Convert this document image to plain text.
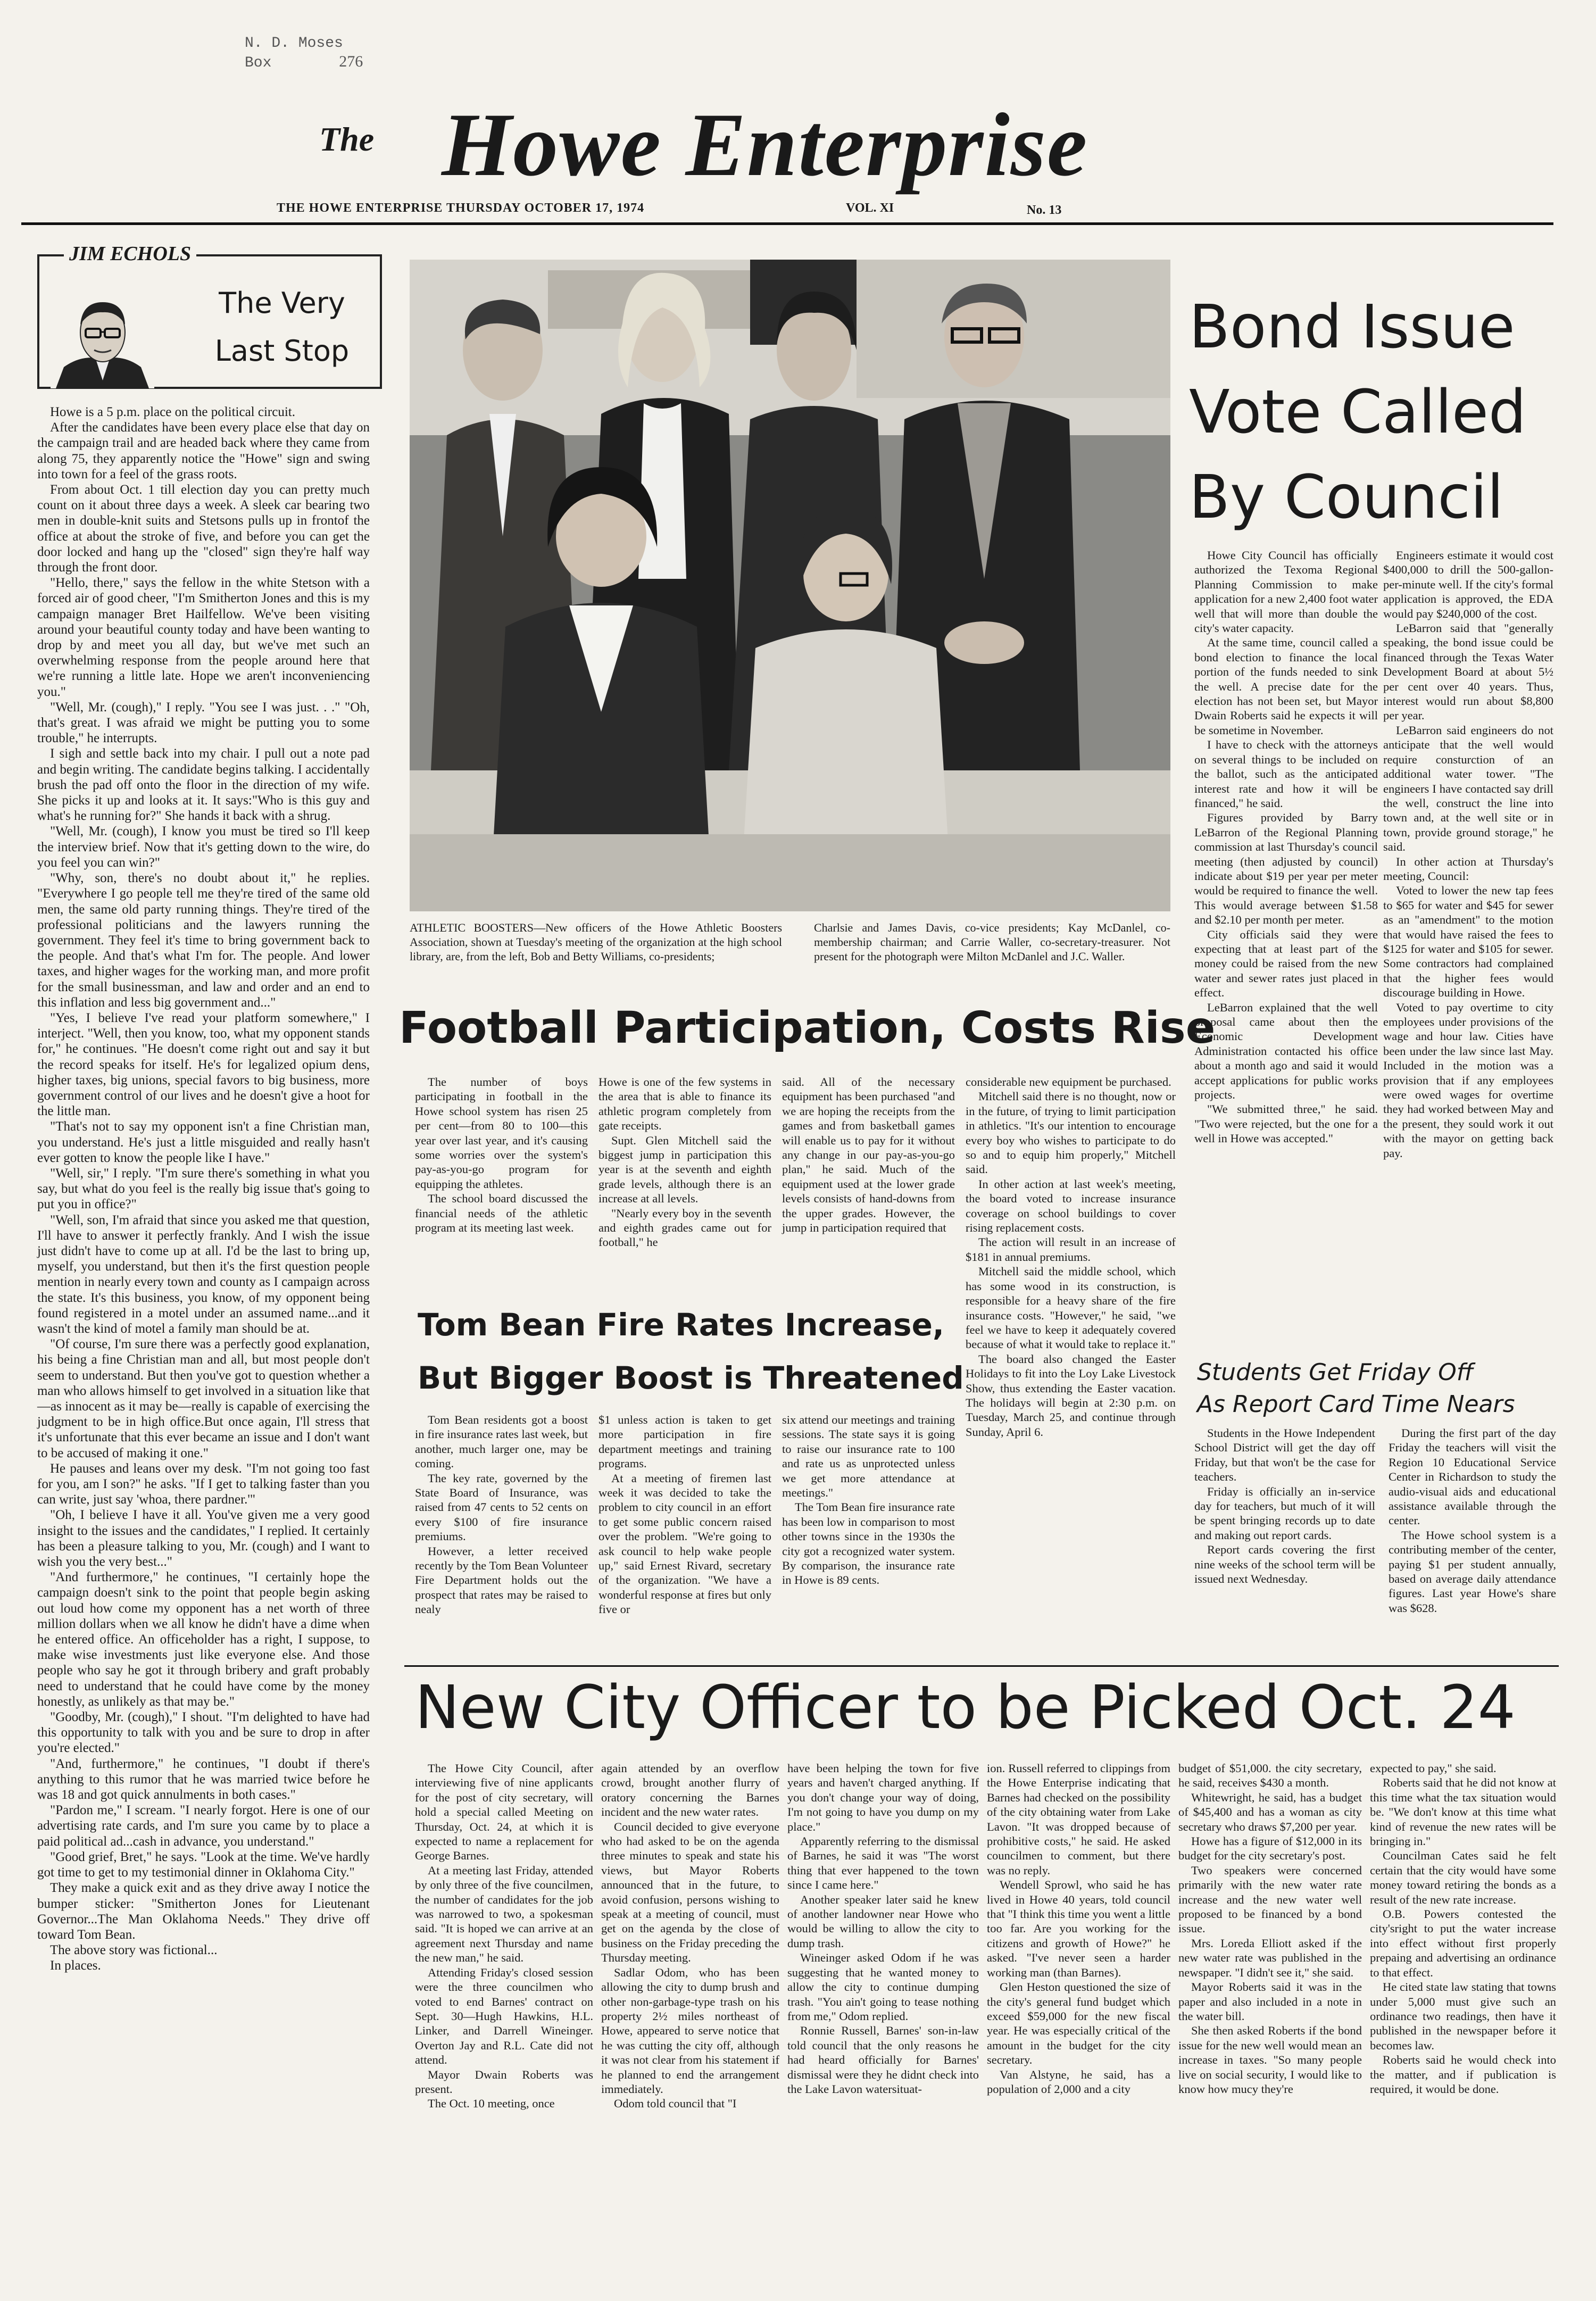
N. D. Moses
Box	276
The Howe Enterprise
THE HOWE ENTERPRISE THURSDAY OCTOBER 17, 1974	VOL. XI	No. 13
JIM ECHOLS
The Very
Last Stop

Howe is a 5 p.m. place on the political circuit.

After the candidates have been every place else that day on the campaign trail and are headed back where they came from along 75, they apparently notice the "Howe" sign and swing into town for a feel of the grass roots.

From about Oct. 1 till election day you can pretty much count on it about three days a week. A sleek car bearing two men in double-knit suits and Stetsons pulls up in frontof the office at about the stroke of five, and before you can get the door locked and hang up the "closed" sign they're half way through the front door.

"Hello, there," says the fellow in the white Stetson with a forced air of good cheer, "I'm Smitherton Jones and this is my campaign manager Bret Hailfellow. We've been visiting around your beautiful county today and have been wanting to drop by and meet you all day, but we've met such an overwhelming response from the people around here that we're running a little late. Hope we aren't inconveniencing you."

"Well, Mr. (cough)," I reply. "You see I was just. . ." "Oh, that's great. I was afraid we might be putting you to some trouble," he interrupts.

I sigh and settle back into my chair. I pull out a note pad and begin writing. The candidate begins talking. I accidentally brush the pad off onto the floor in the direction of my wife. She picks it up and looks at it. It says:"Who is this guy and what's he running for?" She hands it back with a shrug.

"Well, Mr. (cough), I know you must be tired so I'll keep the interview brief. Now that it's getting down to the wire, do you feel you can win?"

"Why, son, there's no doubt about it," he replies. "Everywhere I go people tell me they're tired of the same old men, the same old party running things. They're tired of the professional politicians and the lawyers running the government. They feel it's time to bring government back to the people. And that's what I'm for. The people. And lower taxes, and higher wages for the working man, and more profit for the small businessman, and law and order and an end to this inflation and less big government and..."

"Yes, I believe I've read your platform somewhere," I interject. "Well, then you know, too, what my opponent stands for," he continues. "He doesn't come right out and say it but the record speaks for itself. He's for legalized opium dens, higher taxes, big unions, special favors to big business, more government control of our lives and he doesn't give a hoot for the little man.

"That's not to say my opponent isn't a fine Christian man, you understand. He's just a little misguided and really hasn't ever gotten to know the people like I have."

"Well, sir," I reply. "I'm sure there's something in what you say, but what do you feel is the really big issue that's going to put you in office?"

"Well, son, I'm afraid that since you asked me that question, I'll have to answer it perfectly frankly. And I wish the issue just didn't have to come up at all. I'd be the last to bring up, myself, you understand, but then it's the first question people mention in nearly every town and county as I campaign across the state. It's this business, you know, of my opponent being found registered in a motel under an assumed name...and it wasn't the kind of motel a family man should be at.

"Of course, I'm sure there was a perfectly good explanation, his being a fine Christian man and all, but most people don't seem to understand. But then you've got to question whether a man who allows himself to get involved in a situation like that—as innocent as it may be—really is capable of exercising the judgment to be in high office.But once again, I'll stress that it's unfortunate that this ever became an issue and I don't want to be accused of making it one."

He pauses and leans over my desk. "I'm not going too fast for you, am I son?" he asks. "If I get to talking faster than you can write, just say 'whoa, there pardner.'"

"Oh, I believe I have it all. You've given me a very good insight to the issues and the candidates," I replied. It certainly has been a pleasure talking to you, Mr. (cough) and I want to wish you the very best..."

"And furthermore," he continues, "I certainly hope the campaign doesn't sink to the point that people begin asking out loud how come my opponent has a net worth of three million dollars when we all know he didn't have a dime when he entered office. An officeholder has a right, I suppose, to make wise investments just like everyone else. And those people who say he got it through bribery and graft probably need to understand that he could have come by the money honestly, as unlikely as that may be."

"Goodby, Mr. (cough)," I shout. "I'm delighted to have had this opportunity to talk with you and be sure to drop in after you're elected."

"And, furthermore," he continues, "I doubt if there's anything to this rumor that he was married twice before he was 18 and got quick annulments in both cases."

"Pardon me," I scream. "I nearly forgot. Here is one of our advertising rate cards, and I'm sure you came by to place a paid political ad...cash in advance, you understand."

"Good grief, Bret," he says. "Look at the time. We've hardly got time to get to my testimonial dinner in Oklahoma City."

They make a quick exit and as they drive away I notice the bumper sticker: "Smitherton Jones for Lieutenant Governor...The Man Oklahoma Needs." They drive off toward Tom Bean.

The above story was fictional...

In places.

ATHLETIC BOOSTERS—New officers of the Howe Athletic Boosters Association, shown at Tuesday's meeting of the organization at the high school library, are, from the left, Bob and Betty Williams, co-presidents;
Charlsie and James Davis, co-vice presidents; Kay McDanlel, co-membership chairman; and Carrie Waller, co-secretary-treasurer. Not present for the photograph were Milton McDanlel and J.C. Waller.
Bond Issue
Vote Called
By Council

Howe City Council has officially authorized the Texoma Regional Planning Commission to make application for a new 2,400 foot water well that will more than double the city's water capacity.

At the same time, council called a bond election to finance the local portion of the funds needed to sink the well. A precise date for the election has not been set, but Mayor Dwain Roberts said he expects it will be sometime in November.

I have to check with the attorneys on several things to be included on the ballot, such as the anticipated interest rate and how it will be financed," he said.

Figures provided by Barry LeBarron of the Regional Planning commission at last Thursday's council meeting (then adjusted by council) indicate about $19 per year per meter would be required to finance the well. This would average between $1.58 and $2.10 per month per meter.

City officials said they were expecting that at least part of the money could be raised from the new water and sewer rates just placed in effect.

LeBarron explained that the well proposal came about then the Economic Development Administration contacted his office about a month ago and said it would accept applications for public works projects.

"We submitted three," he said. "Two were rejected, but the one for a well in Howe was accepted."

Engineers estimate it would cost $400,000 to drill the 500-gallon-per-minute well. If the city's formal application is approved, the EDA would pay $240,000 of the cost.

LeBarron said that "generally speaking, the bond issue could be financed through the Texas Water Development Board at about 5½ per cent over 40 years. Thus, interest would run about $8,800 per year.

LeBarron said engineers do not anticipate that the well would require consturction of an additional water tower. "The engineers I have contacted say drill the well, construct the line into town and, at the well site or in town, provide ground storage," he said.

In other action at Thursday's meeting, Council:

Voted to lower the new tap fees to $65 for water and $45 for sewer as an "amendment" to the motion that would have raised the fees to $125 for water and $105 for sewer. Some contractors had complained that the higher fees would discourage building in Howe.

Voted to pay overtime to city employees under provisions of the wage and hour law. Cities have been under the law since last May. Included in the motion was a provision that if any employees were owed wages for overtime they had worked between May and the present, they sould work it out with the mayor on getting back pay.

Football Participation, Costs Rise

The number of boys participating in football in the Howe school system has risen 25 per cent—from 80 to 100—this year over last year, and it's causing some worries over the system's pay-as-you-go program for equipping the athletes.

The school board discussed the financial needs of the athletic program at its meeting last week.

Howe is one of the few systems in the area that is able to finance its athletic program completely from gate receipts.

Supt. Glen Mitchell said the biggest jump in participation this year is at the seventh and eighth grade levels, although there is an increase at all levels.

"Nearly every boy in the seventh and eighth grades came out for football," he

said. All of the necessary equipment has been purchased "and we are hoping the receipts from the games and from basketball games will enable us to pay for it without any change in our pay-as-you-go plan," he said. Much of the equipment used at the lower grade levels consists of hand-downs from the upper grades. However, the jump in participation required that

considerable new equipment be purchased.

Mitchell said there is no thought, now or in the future, of trying to limit participation in athletics. "It's our intention to encourage every boy who wishes to participate to do so and to equip him properly," Mitchell said.

In other action at last week's meeting, the board voted to increase insurance coverage on school buildings to cover rising replacement costs.

The action will result in an increase of $181 in annual premiums.

Mitchell said the middle school, which has some wood in its construction, is responsible for a heavy share of the fire insurance costs. "However," he said, "we feel we have to keep it adequately covered because of what it would take to replace it."

The board also changed the Easter Holidays to fit into the Loy Lake Livestock Show, thus extending the Easter vacation. The holidays will begin at 2:30 p.m. on Tuesday, March 25, and continue through Sunday, April 6.

Tom Bean Fire Rates Increase,
But Bigger Boost is Threatened

Tom Bean residents got a boost in fire insurance rates last week, but another, much larger one, may be coming.

The key rate, governed by the State Board of Insurance, was raised from 47 cents to 52 cents on every $100 of fire insurance premiums.

However, a letter received recently by the Tom Bean Volunteer Fire Department holds out the prospect that rates may be raised to nealy

$1 unless action is taken to get more participation in fire department meetings and training programs.

At a meeting of firemen last week it was decided to take the problem to city council in an effort to get some public concern raised over the problem. "We're going to ask council to help wake people up," said Ernest Rivard, secretary of the organization. "We have a wonderful response at fires but only five or

six attend our meetings and training sessions. The state says it is going to raise our insurance rate to 100 and rate us as unprotected unless we get more attendance at meetings."

The Tom Bean fire insurance rate has been low in comparison to most other towns since in the 1930s the city got a recognized water system. By comparison, the insurance rate in Howe is 89 cents.

Students Get Friday Off
As Report Card Time Nears

Students in the Howe Independent School District will get the day off Friday, but that won't be the case for teachers.

Friday is officially an in-service day for teachers, but much of it will be spent bringing records up to date and making out report cards.

Report cards covering the first nine weeks of the school term will be issued next Wednesday.

During the first part of the day Friday the teachers will visit the Region 10 Educational Service Center in Richardson to study the audio-visual aids and educational assistance available through the center.

The Howe school system is a contributing member of the center, paying $1 per student annually, based on average daily attendance figures. Last year Howe's share was $628.

New City Officer to be Picked Oct. 24

The Howe City Council, after interviewing five of nine applicants for the post of city secretary, will hold a special called Meeting on Thursday, Oct. 24, at which it is expected to name a replacement for George Barnes.

At a meeting last Friday, attended by only three of the five councilmen, the number of candidates for the job was narrowed to two, a spokesman said. "It is hoped we can arrive at an agreement next Thursday and name the new man," he said.

Attending Friday's closed session were the three councilmen who voted to end Barnes' contract on Sept. 30—Hugh Hawkins, H.L. Linker, and Darrell Wineinger. Overton Jay and R.L. Cate did not attend.

Mayor Dwain Roberts was present.

The Oct. 10 meeting, once

again attended by an overflow crowd, brought another flurry of oratory concerning the Barnes incident and the new water rates.

Council decided to give everyone who had asked to be on the agenda three minutes to speak and state his views, but Mayor Roberts announced that in the future, to avoid confusion, persons wishing to speak at a meeting of council, must get on the agenda by the close of business on the Friday preceding the Thursday meeting.

Sadlar Odom, who has been allowing the city to dump brush and other non-garbage-type trash on his property 2½ miles northeast of Howe, appeared to serve notice that he was cutting the city off, although it was not clear from his statement if he planned to end the arrangement immediately.

Odom told council that "I

have been helping the town for five years and haven't charged anything. If you don't change your way of doing, I'm not going to have you dump on my place."

Apparently referring to the dismissal of Barnes, he said it was "The worst thing that ever happened to the town since I came here."

Another speaker later said he knew of another landowner near Howe who would be willing to allow the city to dump trash.

Wineinger asked Odom if he was suggesting that he wanted money to allow the city to continue dumping trash. "You ain't going to tease nothing from me," Odom replied.

Ronnie Russell, Barnes' son-in-law told council that the only reasons he had heard officially for Barnes' dismissal were they he didnt check into the Lake Lavon watersituat-

ion. Russell referred to clippings from the Howe Enterprise indicating that Barnes had checked on the possibility of the city obtaining water from Lake Lavon. "It was dropped because of prohibitive costs," he said. He asked councilmen to comment, but there was no reply.

Wendell Sprowl, who said he has lived in Howe 40 years, told council that "I think this time you went a little too far. Are you working for the citizens and growth of Howe?" he asked. "I've never seen a harder working man (than Barnes).

Glen Heston questioned the size of the city's general fund budget which exceed $59,000 for the new fiscal year. He was especially critical of the amount in the budget for the city secretary.

Van Alstyne, he said, has a population of 2,000 and a city

budget of $51,000. the city secretary, he said, receives $430 a month.

Whitewright, he said, has a budget of $45,400 and has a woman as city secretary who draws $7,200 per year.

Howe has a figure of $12,000 in its budget for the city secretary's post.

Two speakers were concerned primarily with the new water rate increase and the new water well proposed to be financed by a bond issue.

Mrs. Loreda Elliott asked if the new water rate was published in the newspaper. "I didn't see it," she said.

Mayor Roberts said it was in the paper and also included in a note in the water bill.

She then asked Roberts if the bond issue for the new well would mean an increase in taxes. "So many people live on social security, I would like to know how mucy they're

expected to pay," she said.

Roberts said that he did not know at this time what the tax situation would be. "We don't know at this time what kind of revenue the new rates will be bringing in."

Councilman Cates said he felt certain that the city would have some money toward retiring the bonds as a result of the new rate increase.

O.B. Powers contested the city'sright to put the water increase into effect without first properly prepaing and advertising an ordinance to that effect.

He cited state law stating that towns under 5,000 must give such an ordinance two readings, then have it published in the newspaper before it becomes law.

Roberts said he would check into the matter, and if publication is required, it would be done.
